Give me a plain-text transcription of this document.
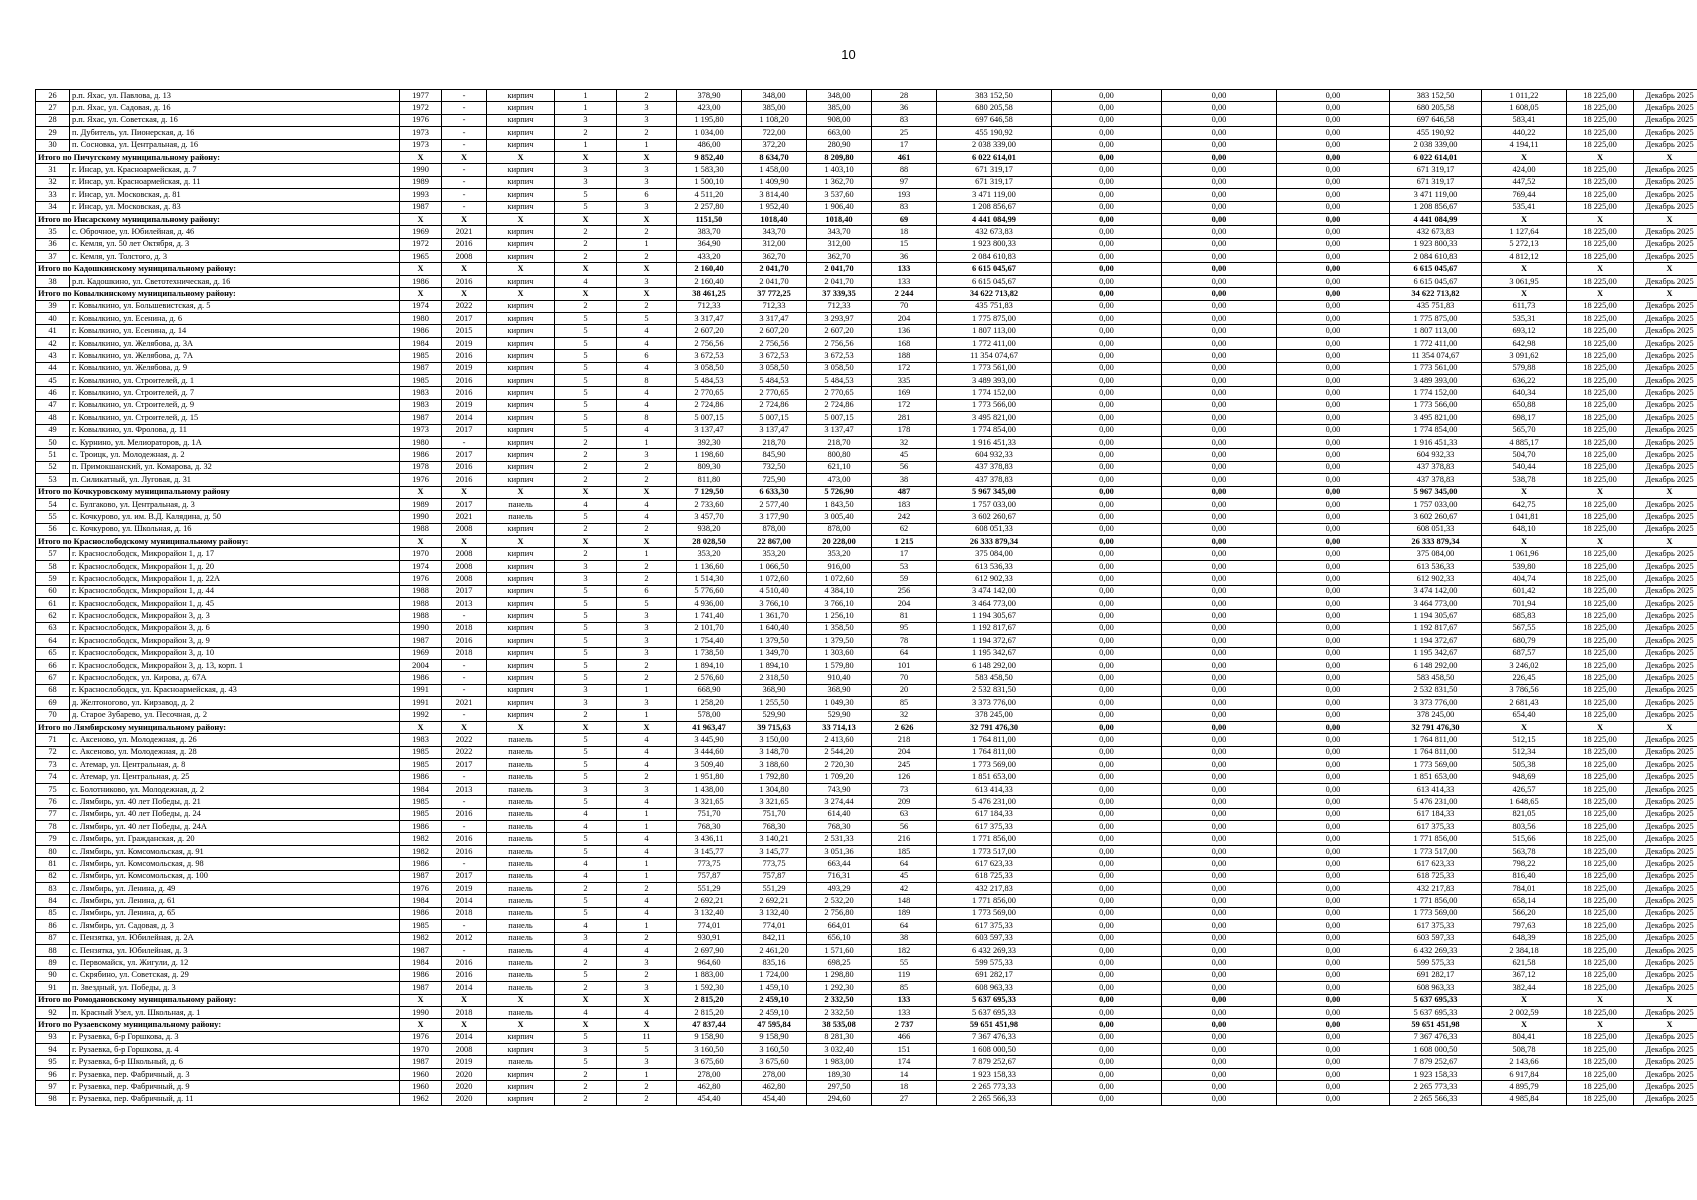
10
26	р.п. Яхас, ул. Павлова, д. 13	1977	-	кирпич	1	2	378,90	348,00	348,00	28	383 152,50	0,00	0,00	0,00	383 152,50	1 011,22	18 225,00	Декабрь 2025
27	р.п. Яхас, ул. Садовая, д. 16	1972	-	кирпич	1	3	423,00	385,00	385,00	36	680 205,58	0,00	0,00	0,00	680 205,58	1 608,05	18 225,00	Декабрь 2025
28	р.п. Яхас, ул. Советская, д. 16	1976	-	кирпич	3	3	1 195,80	1 108,20	908,00	83	697 646,58	0,00	0,00	0,00	697 646,58	583,41	18 225,00	Декабрь 2025
29	п. Дубитель, ул. Пионерская, д. 16	1973	-	кирпич	2	2	1 034,00	722,00	663,00	25	455 190,92	0,00	0,00	0,00	455 190,92	440,22	18 225,00	Декабрь 2025
30	п. Сосновка, ул. Центральная, д. 16	1973	-	кирпич	1	1	486,00	372,20	280,90	17	2 038 339,00	0,00	0,00	0,00	2 038 339,00	4 194,11	18 225,00	Декабрь 2025
Итого по Пичугскому муниципальному району:		X	X	X	X	X	9 852,40	8 634,70	8 209,80	461	6 022 614,01	0,00	0,00	0,00	6 022 614,01	X	X	X
31	г. Инсар, ул. Красноармейская, д. 7	1990	-	кирпич	3	3	1 583,30	1 458,00	1 403,10	88	671 319,17	0,00	0,00	0,00	671 319,17	424,00	18 225,00	Декабрь 2025
32	г. Инсар, ул. Красноармейская, д. 11	1989	-	кирпич	3	3	1 500,10	1 409,90	1 362,70	97	671 319,17	0,00	0,00	0,00	671 319,17	447,52	18 225,00	Декабрь 2025
33	г. Инсар, ул. Московская, д. 81	1993	-	кирпич	5	6	4 511,20	3 814,40	3 537,60	193	3 471 119,00	0,00	0,00	0,00	3 471 119,00	769,44	18 225,00	Декабрь 2025
34	г. Инсар, ул. Московская, д. 83	1987	-	кирпич	5	3	2 257,80	1 952,40	1 906,40	83	1 208 856,67	0,00	0,00	0,00	1 208 856,67	535,41	18 225,00	Декабрь 2025
Итого по Инсарскому муниципальному району:		X	X	X	X	X	1151,50	1018,40	1018,40	69	4 441 084,99	0,00	0,00	0,00	4 441 084,99	X	X	X
35	с. Оброчное, ул. Юбилейная, д. 46	1969	2021	кирпич	2	2	383,70	343,70	343,70	18	432 673,83	0,00	0,00	0,00	432 673,83	1 127,64	18 225,00	Декабрь 2025
36	с. Кемля, ул. 50 лет Октября, д. 3	1972	2016	кирпич	2	1	364,90	312,00	312,00	15	1 923 800,33	0,00	0,00	0,00	1 923 800,33	5 272,13	18 225,00	Декабрь 2025
37	с. Кемля, ул. Толстого, д. 3	1965	2008	кирпич	2	2	433,20	362,70	362,70	36	2 084 610,83	0,00	0,00	0,00	2 084 610,83	4 812,12	18 225,00	Декабрь 2025
Итого по Кадошкинскому муниципальному району:		X	X	X	X	X	2 160,40	2 041,70	2 041,70	133	6 615 045,67	0,00	0,00	0,00	6 615 045,67	X	X	X
38	р.п. Кадошкино, ул. Светотехническая, д. 16	1986	2016	кирпич	4	3	2 160,40	2 041,70	2 041,70	133	6 615 045,67	0,00	0,00	0,00	6 615 045,67	3 061,95	18 225,00	Декабрь 2025
Итого по Ковылкинскому муниципальному району:		X	X	X	X	X	38 461,25	37 772,25	37 339,35	2 244	34 622 713,82	0,00	0,00	0,00	34 622 713,82	X	X	X
39	г. Ковылкино, ул. Большевистская, д. 5	1974	2022	кирпич	2	2	712,33	712,33	712,33	70	435 751,83	0,00	0,00	0,00	435 751,83	611,73	18 225,00	Декабрь 2025
40	г. Ковылкино, ул. Есенина, д. 6	1980	2017	кирпич	5	5	3 317,47	3 317,47	3 293,97	204	1 775 875,00	0,00	0,00	0,00	1 775 875,00	535,31	18 225,00	Декабрь 2025
41	г. Ковылкино, ул. Есенина, д. 14	1986	2015	кирпич	5	4	2 607,20	2 607,20	2 607,20	136	1 807 113,00	0,00	0,00	0,00	1 807 113,00	693,12	18 225,00	Декабрь 2025
42	г. Ковылкино, ул. Желябова, д. 3А	1984	2019	кирпич	5	4	2 756,56	2 756,56	2 756,56	168	1 772 411,00	0,00	0,00	0,00	1 772 411,00	642,98	18 225,00	Декабрь 2025
43	г. Ковылкино, ул. Желябова, д. 7А	1985	2016	кирпич	5	6	3 672,53	3 672,53	3 672,53	188	11 354 074,67	0,00	0,00	0,00	11 354 074,67	3 091,62	18 225,00	Декабрь 2025
44	г. Ковылкино, ул. Желябова, д. 9	1987	2019	кирпич	5	4	3 058,50	3 058,50	3 058,50	172	1 773 561,00	0,00	0,00	0,00	1 773 561,00	579,88	18 225,00	Декабрь 2025
45	г. Ковылкино, ул. Строителей, д. 1	1985	2016	кирпич	5	8	5 484,53	5 484,53	5 484,53	335	3 489 393,00	0,00	0,00	0,00	3 489 393,00	636,22	18 225,00	Декабрь 2025
46	г. Ковылкино, ул. Строителей, д. 7	1983	2016	кирпич	5	4	2 770,65	2 770,65	2 770,65	169	1 774 152,00	0,00	0,00	0,00	1 774 152,00	640,34	18 225,00	Декабрь 2025
47	г. Ковылкино, ул. Строителей, д. 9	1983	2019	кирпич	5	4	2 724,86	2 724,86	2 724,86	172	1 773 566,00	0,00	0,00	0,00	1 773 566,00	650,88	18 225,00	Декабрь 2025
48	г. Ковылкино, ул. Строителей, д. 15	1987	2014	кирпич	5	8	5 007,15	5 007,15	5 007,15	281	3 495 821,00	0,00	0,00	0,00	3 495 821,00	698,17	18 225,00	Декабрь 2025
49	г. Ковылкино, ул. Фролова, д. 11	1973	2017	кирпич	5	4	3 137,47	3 137,47	3 137,47	178	1 774 854,00	0,00	0,00	0,00	1 774 854,00	565,70	18 225,00	Декабрь 2025
50	с. Курнино, ул. Мелиораторов, д. 1А	1980	-	кирпич	2	1	392,30	218,70	218,70	32	1 916 451,33	0,00	0,00	0,00	1 916 451,33	4 885,17	18 225,00	Декабрь 2025
51	с. Троицк, ул. Молодежная, д. 2	1986	2017	кирпич	2	3	1 198,60	845,90	800,80	45	604 932,33	0,00	0,00	0,00	604 932,33	504,70	18 225,00	Декабрь 2025
52	п. Примокшанский, ул. Комарова, д. 32	1978	2016	кирпич	2	2	809,30	732,50	621,10	56	437 378,83	0,00	0,00	0,00	437 378,83	540,44	18 225,00	Декабрь 2025
53	п. Силикатный, ул. Луговая, д. 31	1976	2016	кирпич	2	2	811,80	725,90	473,00	38	437 378,83	0,00	0,00	0,00	437 378,83	538,78	18 225,00	Декабрь 2025
Итого по Кочкуровскому муниципальному району		X	X	X	X	X	7 129,50	6 633,30	5 726,90	487	5 967 345,00	0,00	0,00	0,00	5 967 345,00	X	X	X
54	с. Булгаково, ул. Центральная, д. 3	1989	2017	панель	4	4	2 733,60	2 577,40	1 843,50	183	1 757 033,00	0,00	0,00	0,00	1 757 033,00	642,75	18 225,00	Декабрь 2025
55	с. Кочкурово, ул. им. В.Д. Калядина, д. 50	1990	2021	панель	5	4	3 457,70	3 177,90	3 005,40	242	3 602 260,67	0,00	0,00	0,00	3 602 260,67	1 041,81	18 225,00	Декабрь 2025
56	с. Кочкурово, ул. Школьная, д. 16	1988	2008	кирпич	2	2	938,20	878,00	878,00	62	608 051,33	0,00	0,00	0,00	608 051,33	648,10	18 225,00	Декабрь 2025
Итого по Краснослободскому муниципальному району:		X	X	X	X	X	28 028,50	22 867,00	20 228,00	1 215	26 333 879,34	0,00	0,00	0,00	26 333 879,34	X	X	X
57	г. Краснослободск, Микрорайон 1, д. 17	1970	2008	кирпич	2	1	353,20	353,20	353,20	17	375 084,00	0,00	0,00	0,00	375 084,00	1 061,96	18 225,00	Декабрь 2025
58	г. Краснослободск, Микрорайон 1, д. 20	1974	2008	кирпич	3	2	1 136,60	1 066,50	916,00	53	613 536,33	0,00	0,00	0,00	613 536,33	539,80	18 225,00	Декабрь 2025
59	г. Краснослободск, Микрорайон 1, д. 22А	1976	2008	кирпич	3	2	1 514,30	1 072,60	1 072,60	59	612 902,33	0,00	0,00	0,00	612 902,33	404,74	18 225,00	Декабрь 2025
60	г. Краснослободск, Микрорайон 1, д. 44	1988	2017	кирпич	5	6	5 776,60	4 510,40	4 384,10	256	3 474 142,00	0,00	0,00	0,00	3 474 142,00	601,42	18 225,00	Декабрь 2025
61	г. Краснослободск, Микрорайон 1, д. 45	1988	2013	кирпич	5	5	4 936,00	3 766,10	3 766,10	204	3 464 773,00	0,00	0,00	0,00	3 464 773,00	701,94	18 225,00	Декабрь 2025
62	г. Краснослободск, Микрорайон 3, д. 3	1988	-	кирпич	5	3	1 741,40	1 361,70	1 256,10	81	1 194 305,67	0,00	0,00	0,00	1 194 305,67	685,83	18 225,00	Декабрь 2025
63	г. Краснослободск, Микрорайон 3, д. 6	1990	2018	кирпич	5	3	2 101,70	1 640,40	1 358,50	95	1 192 817,67	0,00	0,00	0,00	1 192 817,67	567,55	18 225,00	Декабрь 2025
64	г. Краснослободск, Микрорайон 3, д. 9	1987	2016	кирпич	5	3	1 754,40	1 379,50	1 379,50	78	1 194 372,67	0,00	0,00	0,00	1 194 372,67	680,79	18 225,00	Декабрь 2025
65	г. Краснослободск, Микрорайон 3, д. 10	1969	2018	кирпич	5	3	1 738,50	1 349,70	1 303,60	64	1 195 342,67	0,00	0,00	0,00	1 195 342,67	687,57	18 225,00	Декабрь 2025
66	г. Краснослободск, Микрорайон 3, д. 13, корп. 1	2004	-	кирпич	5	2	1 894,10	1 894,10	1 579,80	101	6 148 292,00	0,00	0,00	0,00	6 148 292,00	3 246,02	18 225,00	Декабрь 2025
67	г. Краснослободск, ул. Кирова, д. 67А	1986	-	кирпич	5	2	2 576,60	2 318,50	910,40	70	583 458,50	0,00	0,00	0,00	583 458,50	226,45	18 225,00	Декабрь 2025
68	г. Краснослободск, ул. Красноармейская, д. 43	1991	-	кирпич	3	1	668,90	368,90	368,90	20	2 532 831,50	0,00	0,00	0,00	2 532 831,50	3 786,56	18 225,00	Декабрь 2025
69	д. Желтоногово, ул. Кирзавод, д. 2	1991	2021	кирпич	3	3	1 258,20	1 255,50	1 049,30	85	3 373 776,00	0,00	0,00	0,00	3 373 776,00	2 681,43	18 225,00	Декабрь 2025
70	д. Старое Зубарево, ул. Песочная, д. 2	1992	-	кирпич	2	1	578,00	529,90	529,90	32	378 245,00	0,00	0,00	0,00	378 245,00	654,40	18 225,00	Декабрь 2025
Итого по Лямбирскому муниципальному району:		X	X	X	X	X	41 963,47	39 715,63	33 714,13	2 626	32 791 476,30	0,00	0,00	0,00	32 791 476,30	X	X	X
71	с. Аксеново, ул. Молодежная, д. 26	1983	2022	панель	5	4	3 445,90	3 150,00	2 413,60	218	1 764 811,00	0,00	0,00	0,00	1 764 811,00	512,15	18 225,00	Декабрь 2025
72	с. Аксеново, ул. Молодежная, д. 28	1985	2022	панель	5	4	3 444,60	3 148,70	2 544,20	204	1 764 811,00	0,00	0,00	0,00	1 764 811,00	512,34	18 225,00	Декабрь 2025
73	с. Атемар, ул. Центральная, д. 8	1985	2017	панель	5	4	3 509,40	3 188,60	2 720,30	245	1 773 569,00	0,00	0,00	0,00	1 773 569,00	505,38	18 225,00	Декабрь 2025
74	с. Атемар, ул. Центральная, д. 25	1986	-	панель	5	2	1 951,80	1 792,80	1 709,20	126	1 851 653,00	0,00	0,00	0,00	1 851 653,00	948,69	18 225,00	Декабрь 2025
75	с. Болотниково, ул. Молодежная, д. 2	1984	2013	панель	3	3	1 438,00	1 304,80	743,90	73	613 414,33	0,00	0,00	0,00	613 414,33	426,57	18 225,00	Декабрь 2025
76	с. Лямбирь, ул. 40 лет Победы, д. 21	1985	-	панель	5	4	3 321,65	3 321,65	3 274,44	209	5 476 231,00	0,00	0,00	0,00	5 476 231,00	1 648,65	18 225,00	Декабрь 2025
77	с. Лямбирь, ул. 40 лет Победы, д. 24	1985	2016	панель	4	1	751,70	751,70	614,40	63	617 184,33	0,00	0,00	0,00	617 184,33	821,05	18 225,00	Декабрь 2025
78	с. Лямбирь, ул. 40 лет Победы, д. 24А	1986	-	панель	4	1	768,30	768,30	768,30	56	617 375,33	0,00	0,00	0,00	617 375,33	803,56	18 225,00	Декабрь 2025
79	с. Лямбирь, ул. Гражданская, д. 20	1982	2016	панель	5	4	3 436,11	3 140,21	2 531,33	216	1 771 856,00	0,00	0,00	0,00	1 771 856,00	515,66	18 225,00	Декабрь 2025
80	с. Лямбирь, ул. Комсомольская, д. 91	1982	2016	панель	5	4	3 145,77	3 145,77	3 051,36	185	1 773 517,00	0,00	0,00	0,00	1 773 517,00	563,78	18 225,00	Декабрь 2025
81	с. Лямбирь, ул. Комсомольская, д. 98	1986	-	панель	4	1	773,75	773,75	663,44	64	617 623,33	0,00	0,00	0,00	617 623,33	798,22	18 225,00	Декабрь 2025
82	с. Лямбирь, ул. Комсомольская, д. 100	1987	2017	панель	4	1	757,87	757,87	716,31	45	618 725,33	0,00	0,00	0,00	618 725,33	816,40	18 225,00	Декабрь 2025
83	с. Лямбирь, ул. Ленина, д. 49	1976	2019	панель	2	2	551,29	551,29	493,29	42	432 217,83	0,00	0,00	0,00	432 217,83	784,01	18 225,00	Декабрь 2025
84	с. Лямбирь, ул. Ленина, д. 61	1984	2014	панель	5	4	2 692,21	2 692,21	2 532,20	148	1 771 856,00	0,00	0,00	0,00	1 771 856,00	658,14	18 225,00	Декабрь 2025
85	с. Лямбирь, ул. Ленина, д. 65	1986	2018	панель	5	4	3 132,40	3 132,40	2 756,80	189	1 773 569,00	0,00	0,00	0,00	1 773 569,00	566,20	18 225,00	Декабрь 2025
86	с. Лямбирь, ул. Садовая, д. 3	1985	-	панель	4	1	774,01	774,01	664,01	64	617 375,33	0,00	0,00	0,00	617 375,33	797,63	18 225,00	Декабрь 2025
87	с. Пензятка, ул. Юбилейная, д. 2А	1982	2012	панель	3	2	930,91	842,11	656,10	38	603 597,33	0,00	0,00	0,00	603 597,33	648,39	18 225,00	Декабрь 2025
88	с. Пензятка, ул. Юбилейная, д. 3	1987	-	панель	4	4	2 697,90	2 461,20	1 571,60	182	6 432 269,33	0,00	0,00	0,00	6 432 269,33	2 384,18	18 225,00	Декабрь 2025
89	с. Первомайск, ул. Жигули, д. 12	1984	2016	панель	2	3	964,60	835,16	698,25	55	599 575,33	0,00	0,00	0,00	599 575,33	621,58	18 225,00	Декабрь 2025
90	с. Скрябино, ул. Советская, д. 29	1986	2016	панель	5	2	1 883,00	1 724,00	1 298,80	119	691 282,17	0,00	0,00	0,00	691 282,17	367,12	18 225,00	Декабрь 2025
91	п. Звездный, ул. Победы, д. 3	1987	2014	панель	2	3	1 592,30	1 459,10	1 292,30	85	608 963,33	0,00	0,00	0,00	608 963,33	382,44	18 225,00	Декабрь 2025
Итого по Ромодановскому муниципальному району:		X	X	X	X	X	2 815,20	2 459,10	2 332,50	133	5 637 695,33	0,00	0,00	0,00	5 637 695,33	X	X	X
92	п. Красный Узел, ул. Школьная, д. 1	1990	2018	панель	4	4	2 815,20	2 459,10	2 332,50	133	5 637 695,33	0,00	0,00	0,00	5 637 695,33	2 002,59	18 225,00	Декабрь 2025
Итого по Рузаевскому муниципальному району:		X	X	X	X	X	47 837,44	47 595,84	38 535,08	2 737	59 651 451,98	0,00	0,00	0,00	59 651 451,98	X	X	X
93	г. Рузаевка, б-р Горшкова, д. 3	1976	2014	кирпич	5	11	9 158,90	9 158,90	8 281,30	466	7 367 476,33	0,00	0,00	0,00	7 367 476,33	804,41	18 225,00	Декабрь 2025
94	г. Рузаевка, б-р Горшкова, д. 4	1970	2008	кирпич	3	5	3 160,50	3 160,50	3 032,40	151	1 608 000,50	0,00	0,00	0,00	1 608 000,50	508,78	18 225,00	Декабрь 2025
95	г. Рузаевка, б-р Школьный, д. 6	1987	2019	панель	5	3	3 675,60	3 675,60	1 983,00	174	7 879 252,67	0,00	0,00	0,00	7 879 252,67	2 143,66	18 225,00	Декабрь 2025
96	г. Рузаевка, пер. Фабричный, д. 3	1960	2020	кирпич	2	1	278,00	278,00	189,30	14	1 923 158,33	0,00	0,00	0,00	1 923 158,33	6 917,84	18 225,00	Декабрь 2025
97	г. Рузаевка, пер. Фабричный, д. 9	1960	2020	кирпич	2	2	462,80	462,80	297,50	18	2 265 773,33	0,00	0,00	0,00	2 265 773,33	4 895,79	18 225,00	Декабрь 2025
98	г. Рузаевка, пер. Фабричный, д. 11	1962	2020	кирпич	2	2	454,40	454,40	294,60	27	2 265 566,33	0,00	0,00	0,00	2 265 566,33	4 985,84	18 225,00	Декабрь 2025
